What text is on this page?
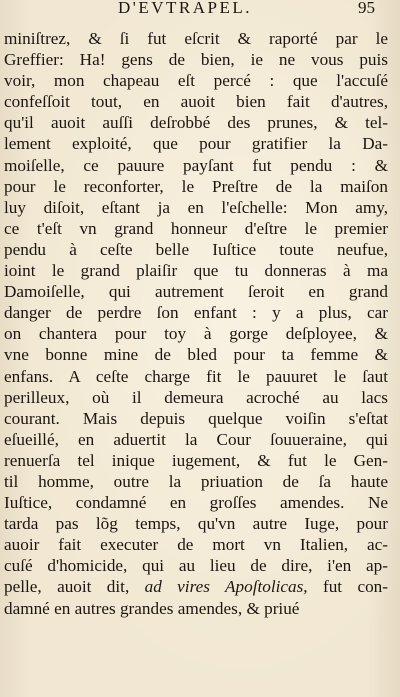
D'EVTRAPEL.	95
miniſtrez, & ſi fut eſcrit & raporté par le
Greffier: Ha! gens de bien, ie ne vous puis
voir, mon chapeau eſt percé : que l'accuſé
confeſſoit tout, en auoit bien fait d'autres,
qu'il auoit auſſi deſrobbé des prunes, & tel-
lement exploité, que pour gratifier la Da-
moiſelle, ce pauure payſant fut pendu : &
pour le reconforter, le Preſtre de la maiſon
luy diſoit, eſtant ja en l'eſchelle: Mon amy,
ce t'eſt vn grand honneur d'eſtre le premier
pendu à ceſte belle Iuſtice toute neufue,
ioint le grand plaiſir que tu donneras à ma
Damoiſelle, qui autrement ſeroit en grand
danger de perdre ſon enfant : y a plus, car
on chantera pour toy à gorge deſployee, &
vne bonne mine de bled pour ta femme &
enfans. A ceſte charge fit le pauuret le ſaut
perilleux, où il demeura acroché au lacs
courant. Mais depuis quelque voiſin s'eſtat
eſueillé, en aduertit la Cour ſouueraine, qui
renuerſa tel inique iugement, & fut le Gen-
til homme, outre la priuation de ſa haute
Iuſtice, condamné en groſſes amendes. Ne
tarda pas lõg temps, qu'vn autre Iuge, pour
auoir fait executer de mort vn Italien, ac-
cuſé d'homicide, qui au lieu de dire, i'en ap-
pelle, auoit dit, ad vires Apoſtolicas, fut con-
damné en autres grandes amendes, & priué
